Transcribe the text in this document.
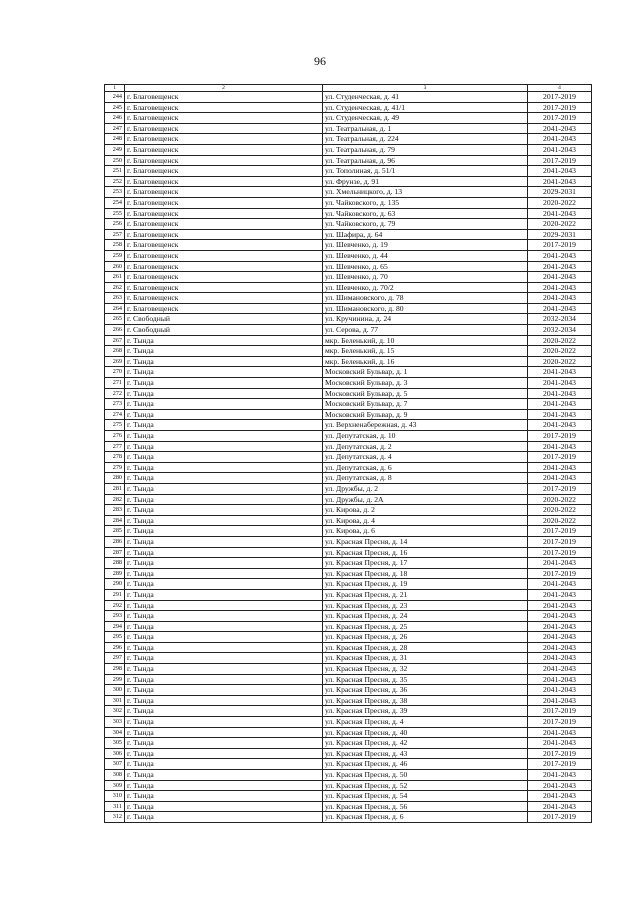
96
1	2	3	4
244	г. Благовещенск	ул. Студенческая, д. 41	2017-2019
245	г. Благовещенск	ул. Студенческая, д. 41/1	2017-2019
246	г. Благовещенск	ул. Студенческая, д. 49	2017-2019
247	г. Благовещенск	ул. Театральная, д. 1	2041-2043
248	г. Благовещенск	ул. Театральная, д. 224	2041-2043
249	г. Благовещенск	ул. Театральная, д. 79	2041-2043
250	г. Благовещенск	ул. Театральная, д. 96	2017-2019
251	г. Благовещенск	ул. Тополиная, д. 51/1	2041-2043
252	г. Благовещенск	ул. Фрунзе, д. 91	2041-2043
253	г. Благовещенск	ул. Хмельницкого, д. 13	2029-2031
254	г. Благовещенск	ул. Чайковского, д. 135	2020-2022
255	г. Благовещенск	ул. Чайковского, д. 63	2041-2043
256	г. Благовещенск	ул. Чайковского, д. 79	2020-2022
257	г. Благовещенск	ул. Шафира, д. 64	2029-2031
258	г. Благовещенск	ул. Шевченко, д. 19	2017-2019
259	г. Благовещенск	ул. Шевченко, д. 44	2041-2043
260	г. Благовещенск	ул. Шевченко, д. 65	2041-2043
261	г. Благовещенск	ул. Шевченко, д. 70	2041-2043
262	г. Благовещенск	ул. Шевченко, д. 70/2	2041-2043
263	г. Благовещенск	ул. Шимановского, д. 78	2041-2043
264	г. Благовещенск	ул. Шимановского, д. 80	2041-2043
265	г. Свободный	ул. Кручинина, д. 24	2032-2034
266	г. Свободный	ул. Серова, д. 77	2032-2034
267	г. Тында	мкр. Беленький, д. 10	2020-2022
268	г. Тында	мкр. Беленький, д. 15	2020-2022
269	г. Тында	мкр. Беленький, д. 16	2020-2022
270	г. Тында	Московский Бульвар, д. 1	2041-2043
271	г. Тында	Московский Бульвар, д. 3	2041-2043
272	г. Тында	Московский Бульвар, д. 5	2041-2043
273	г. Тында	Московский Бульвар, д. 7	2041-2043
274	г. Тында	Московский Бульвар, д. 9	2041-2043
275	г. Тында	ул. Верхненабережная, д. 43	2041-2043
276	г. Тында	ул. Депутатская, д. 10	2017-2019
277	г. Тында	ул. Депутатская, д. 2	2041-2043
278	г. Тында	ул. Депутатская, д. 4	2017-2019
279	г. Тында	ул. Депутатская, д. 6	2041-2043
280	г. Тында	ул. Депутатская, д. 8	2041-2043
281	г. Тында	ул. Дружбы, д. 2	2017-2019
282	г. Тында	ул. Дружбы, д. 2А	2020-2022
283	г. Тында	ул. Кирова, д. 2	2020-2022
284	г. Тында	ул. Кирова, д. 4	2020-2022
285	г. Тында	ул. Кирова, д. 6	2017-2019
286	г. Тында	ул. Красная Пресня, д. 14	2017-2019
287	г. Тында	ул. Красная Пресня, д. 16	2017-2019
288	г. Тында	ул. Красная Пресня, д. 17	2041-2043
289	г. Тында	ул. Красная Пресня, д. 18	2017-2019
290	г. Тында	ул. Красная Пресня, д. 19	2041-2043
291	г. Тында	ул. Красная Пресня, д. 21	2041-2043
292	г. Тында	ул. Красная Пресня, д. 23	2041-2043
293	г. Тында	ул. Красная Пресня, д. 24	2041-2043
294	г. Тында	ул. Красная Пресня, д. 25	2041-2043
295	г. Тында	ул. Красная Пресня, д. 26	2041-2043
296	г. Тында	ул. Красная Пресня, д. 28	2041-2043
297	г. Тында	ул. Красная Пресня, д. 31	2041-2043
298	г. Тында	ул. Красная Пресня, д. 32	2041-2043
299	г. Тында	ул. Красная Пресня, д. 35	2041-2043
300	г. Тында	ул. Красная Пресня, д. 36	2041-2043
301	г. Тында	ул. Красная Пресня, д. 38	2041-2043
302	г. Тында	ул. Красная Пресня, д. 39	2017-2019
303	г. Тында	ул. Красная Пресня, д. 4	2017-2019
304	г. Тында	ул. Красная Пресня, д. 40	2041-2043
305	г. Тында	ул. Красная Пресня, д. 42	2041-2043
306	г. Тында	ул. Красная Пресня, д. 43	2017-2019
307	г. Тында	ул. Красная Пресня, д. 46	2017-2019
308	г. Тында	ул. Красная Пресня, д. 50	2041-2043
309	г. Тында	ул. Красная Пресня, д. 52	2041-2043
310	г. Тында	ул. Красная Пресня, д. 54	2041-2043
311	г. Тында	ул. Красная Пресня, д. 56	2041-2043
312	г. Тында	ул. Красная Пресня, д. 6	2017-2019
